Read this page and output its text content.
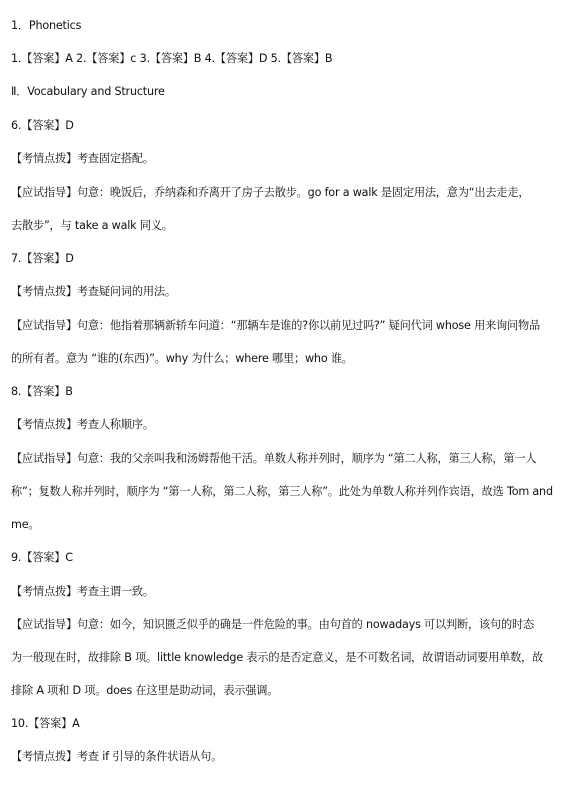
1．Phonetics
1.【答案】A 2.【答案】c 3.【答案】B 4.【答案】D 5.【答案】B
Ⅱ．Vocabulary and Structure
6.【答案】D
【考情点拨】考查固定搭配。
【应试指导】句意：晚饭后，乔纳森和乔离开了房子去散步。go for a walk 是固定用法，意为“出去走走，
去散步”，与 take a walk 同义。
7.【答案】D
【考情点拨】考查疑问词的用法。
【应试指导】句意：他指着那辆新轿车问道：“那辆车是谁的?你以前见过吗?” 疑问代词 whose 用来询问物品
的所有者。意为 “谁的(东西)”。why 为什么；where 哪里；who 谁。
8.【答案】B
【考情点拨】考查人称顺序。
【应试指导】句意：我的父亲叫我和汤姆帮他干活。单数人称并列时，顺序为 “第二人称，第三人称，第一人
称”；复数人称并列时，顺序为 “第一人称，第二人称，第三人称”。此处为单数人称并列作宾语，故选 Tom and
me。
9.【答案】C
【考情点拨】考查主谓一致。
【应试指导】句意：如今，知识匮乏似乎的确是一件危险的事。由句首的 nowadays 可以判断，该句的时态
为一般现在时，故排除 B 项。little knowledge 表示的是否定意义，是不可数名词，故谓语动词要用单数，故
排除 A 项和 D 项。does 在这里是助动词，表示强调。
10.【答案】A
【考情点拨】考查 if 引导的条件状语从句。
